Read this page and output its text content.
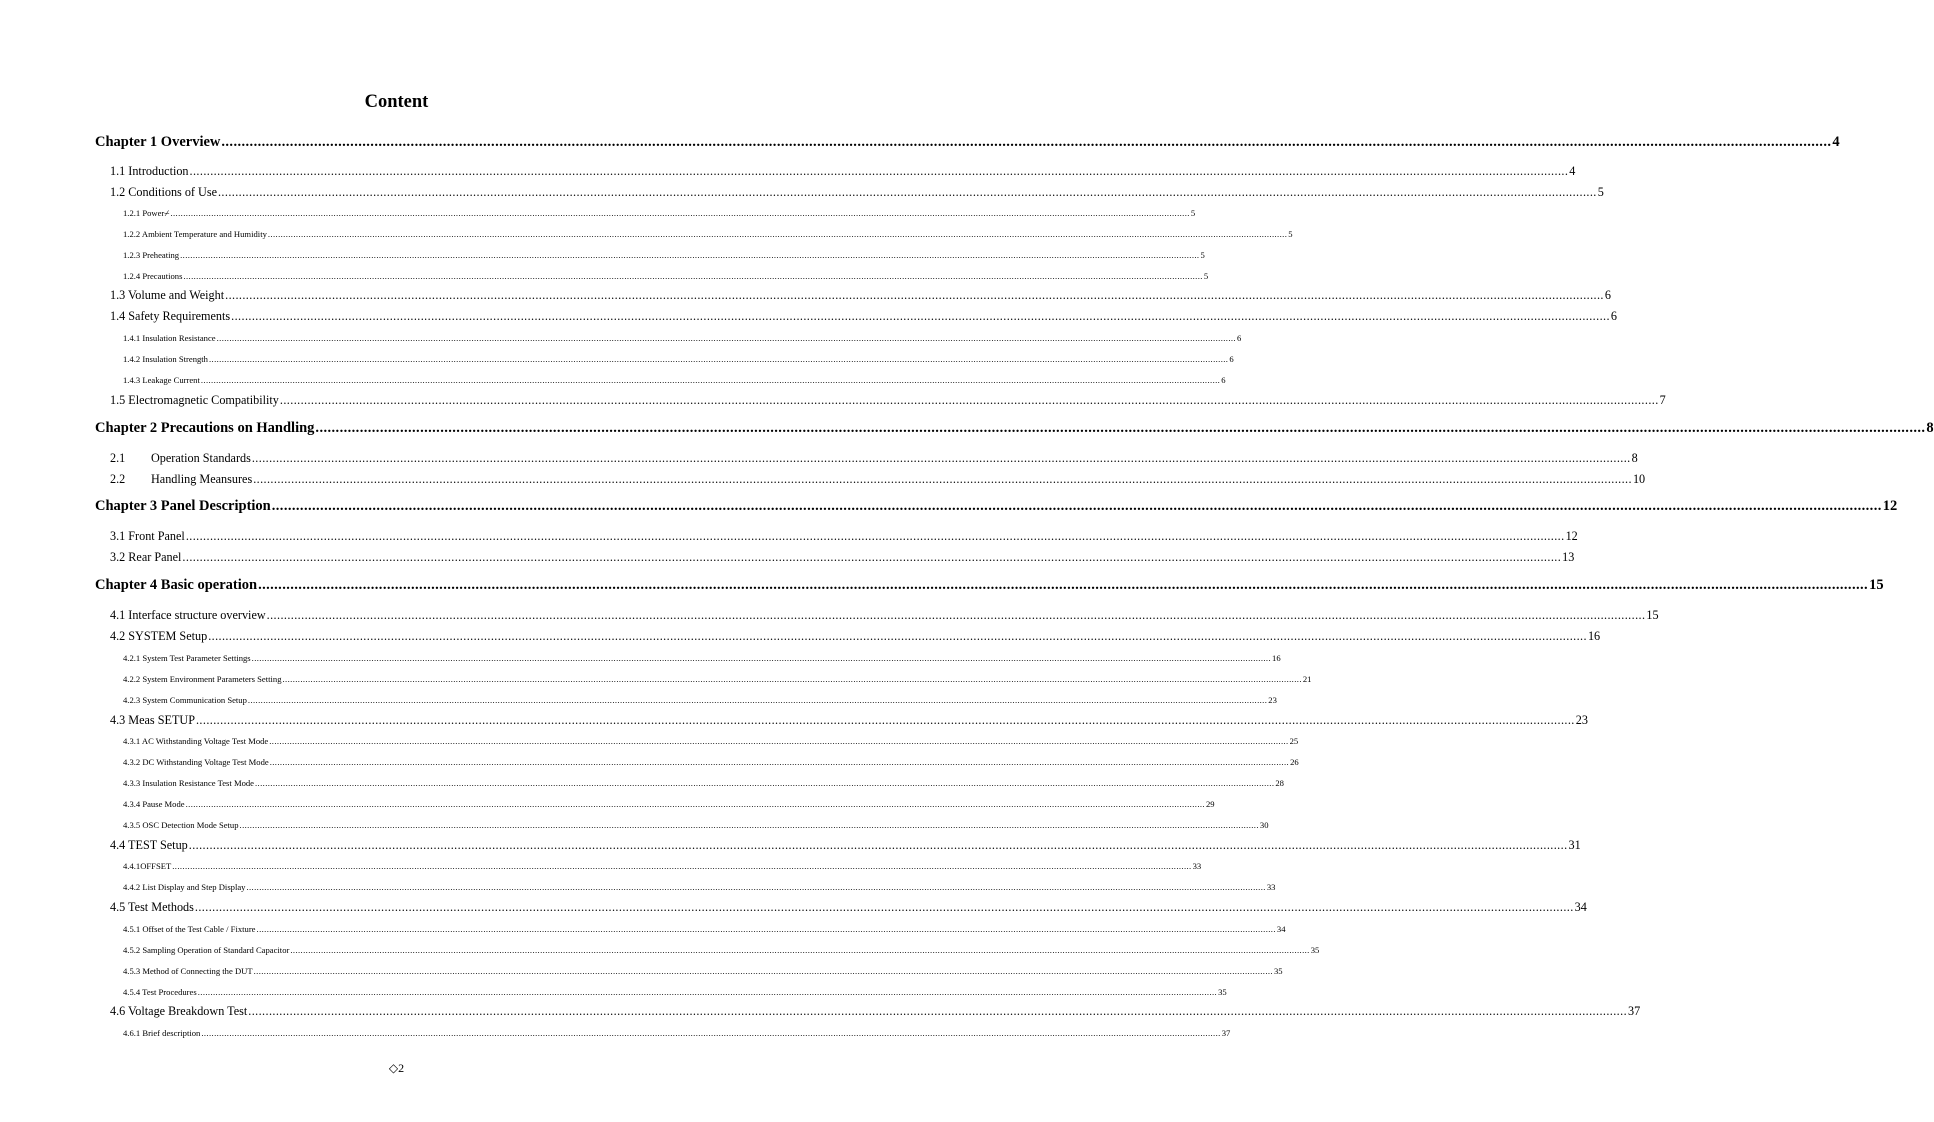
Content
Chapter 1 Overview ................................................................................................................................................................................................................................................................................................................................................................................................................ 4
1.1 Introduction ................................................................................................................................................................................................................................................................................................................................................................................................................ 4
1.2 Conditions of Use ................................................................................................................................................................................................................................................................................................................................................................................................................ 5
1.2.1 Power⌿ ................................................................................................................................................................................................................................................................................................................................................................................................................ 5
1.2.2 Ambient Temperature and Humidity ................................................................................................................................................................................................................................................................................................................................................................................................................ 5
1.2.3 Preheating ................................................................................................................................................................................................................................................................................................................................................................................................................ 5
1.2.4 Precautions ................................................................................................................................................................................................................................................................................................................................................................................................................ 5
1.3 Volume and Weight ................................................................................................................................................................................................................................................................................................................................................................................................................ 6
1.4 Safety Requirements ................................................................................................................................................................................................................................................................................................................................................................................................................ 6
1.4.1 Insulation Resistance ................................................................................................................................................................................................................................................................................................................................................................................................................ 6
1.4.2 Insulation Strength ................................................................................................................................................................................................................................................................................................................................................................................................................ 6
1.4.3 Leakage Current ................................................................................................................................................................................................................................................................................................................................................................................................................ 6
1.5 Electromagnetic Compatibility ................................................................................................................................................................................................................................................................................................................................................................................................................ 7
Chapter 2 Precautions on Handling ................................................................................................................................................................................................................................................................................................................................................................................................................ 8
2.1 Operation Standards ................................................................................................................................................................................................................................................................................................................................................................................................................ 8
2.2 Handling Meansures ................................................................................................................................................................................................................................................................................................................................................................................................................ 10
Chapter 3 Panel Description ................................................................................................................................................................................................................................................................................................................................................................................................................ 12
3.1 Front Panel ................................................................................................................................................................................................................................................................................................................................................................................................................ 12
3.2 Rear Panel ................................................................................................................................................................................................................................................................................................................................................................................................................ 13
Chapter 4 Basic operation ................................................................................................................................................................................................................................................................................................................................................................................................................ 15
4.1 Interface structure overview ................................................................................................................................................................................................................................................................................................................................................................................................................ 15
4.2 SYSTEM Setup ................................................................................................................................................................................................................................................................................................................................................................................................................ 16
4.2.1 System Test Parameter Settings ................................................................................................................................................................................................................................................................................................................................................................................................................ 16
4.2.2 System Environment Parameters Setting ................................................................................................................................................................................................................................................................................................................................................................................................................ 21
4.2.3 System Communication Setup ................................................................................................................................................................................................................................................................................................................................................................................................................ 23
4.3 Meas SETUP ................................................................................................................................................................................................................................................................................................................................................................................................................ 23
4.3.1 AC Withstanding Voltage Test Mode ................................................................................................................................................................................................................................................................................................................................................................................................................ 25
4.3.2 DC Withstanding Voltage Test Mode ................................................................................................................................................................................................................................................................................................................................................................................................................ 26
4.3.3 Insulation Resistance Test Mode ................................................................................................................................................................................................................................................................................................................................................................................................................ 28
4.3.4 Pause Mode ................................................................................................................................................................................................................................................................................................................................................................................................................ 29
4.3.5 OSC Detection Mode Setup ................................................................................................................................................................................................................................................................................................................................................................................................................ 30
4.4 TEST Setup ................................................................................................................................................................................................................................................................................................................................................................................................................ 31
4.4.1OFFSET ................................................................................................................................................................................................................................................................................................................................................................................................................ 33
4.4.2 List Display and Step Display ................................................................................................................................................................................................................................................................................................................................................................................................................ 33
4.5 Test Methods ................................................................................................................................................................................................................................................................................................................................................................................................................ 34
4.5.1 Offset of the Test Cable / Fixture ................................................................................................................................................................................................................................................................................................................................................................................................................ 34
4.5.2 Sampling Operation of Standard Capacitor ................................................................................................................................................................................................................................................................................................................................................................................................................ 35
4.5.3 Method of Connecting the DUT ................................................................................................................................................................................................................................................................................................................................................................................................................ 35
4.5.4 Test Procedures ................................................................................................................................................................................................................................................................................................................................................................................................................ 35
4.6 Voltage Breakdown Test ................................................................................................................................................................................................................................................................................................................................................................................................................ 37
4.6.1 Brief description ................................................................................................................................................................................................................................................................................................................................................................................................................ 37
◇2
